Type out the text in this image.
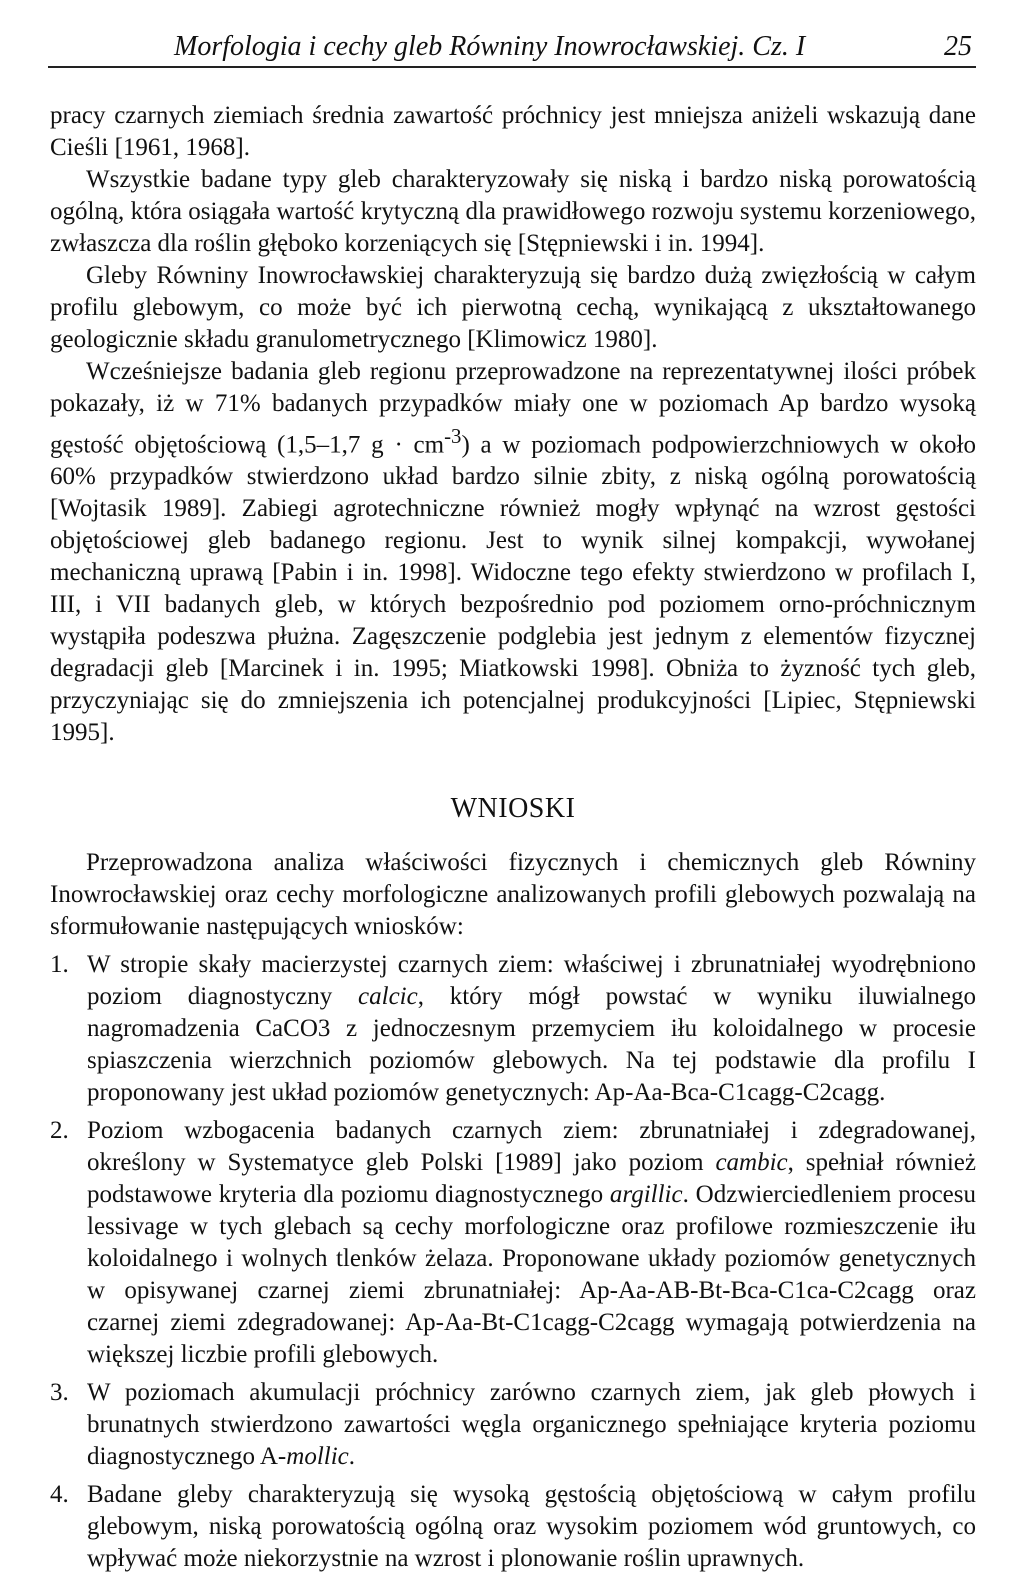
Morfologia i cechy gleb Równiny Inowrocławskiej. Cz. I	25

pracy czarnych ziemiach średnia zawartość próchnicy jest mniejsza aniżeli wskazują dane Cieśli [1961, 1968].

Wszystkie badane typy gleb charakteryzowały się niską i bardzo niską porowatością ogólną, która osiągała wartość krytyczną dla prawidłowego rozwoju systemu korzeniowego, zwłaszcza dla roślin głęboko korzeniących się [Stępniewski i in. 1994].

Gleby Równiny Inowrocławskiej charakteryzują się bardzo dużą zwięzłością w całym profilu glebowym, co może być ich pierwotną cechą, wynikającą z ukształtowanego geologicznie składu granulometrycznego [Klimowicz 1980].

Wcześniejsze badania gleb regionu przeprowadzone na reprezentatywnej ilości próbek pokazały, iż w 71% badanych przypadków miały one w poziomach Ap bardzo wysoką gęstość objętościową (1,5–1,7 $g \cdot cm^{-3}$) a w poziomach podpowierzchniowych w około 60% przypadków stwierdzono układ bardzo silnie zbity, z niską ogólną porowatością [Wojtasik 1989]. Zabiegi agrotechniczne również mogły wpłynąć na wzrost gęstości objętościowej gleb badanego regionu. Jest to wynik silnej kompakcji, wywołanej mechaniczną uprawą [Pabin i in. 1998]. Widoczne tego efekty stwierdzono w profilach I, III, i VII badanych gleb, w których bezpośrednio pod poziomem orno-próchnicznym wystąpiła podeszwa płużna. Zagęszczenie podglebia jest jednym z elementów fizycznej degradacji gleb [Marcinek i in. 1995; Miatkowski 1998]. Obniża to żyzność tych gleb, przyczyniając się do zmniejszenia ich potencjalnej produkcyjności [Lipiec, Stępniewski 1995].

WNIOSKI

Przeprowadzona analiza właściwości fizycznych i chemicznych gleb Równiny Inowrocławskiej oraz cechy morfologiczne analizowanych profili glebowych pozwalają na sformułowanie następujących wniosków:

1. W stropie skały macierzystej czarnych ziem: właściwej i zbrunatniałej wyodrębniono poziom diagnostyczny calcic, który mógł powstać w wyniku iluwialnego nagromadzenia CaCO3 z jednoczesnym przemyciem iłu koloidalnego w procesie spiaszczenia wierzchnich poziomów glebowych. Na tej podstawie dla profilu I proponowany jest układ poziomów genetycznych: Ap-Aa-Bca-C1cagg-C2cagg.
2. Poziom wzbogacenia badanych czarnych ziem: zbrunatniałej i zdegradowanej, określony w Systematyce gleb Polski [1989] jako poziom cambic, spełniał również podstawowe kryteria dla poziomu diagnostycznego argillic. Odzwierciedleniem procesu lessivage w tych glebach są cechy morfologiczne oraz profilowe rozmieszczenie iłu koloidalnego i wolnych tlenków żelaza. Proponowane układy poziomów genetycznych w opisywanej czarnej ziemi zbrunatniałej: Ap-Aa-AB-Bt-Bca-C1ca-C2cagg oraz czarnej ziemi zdegradowanej: Ap-Aa-Bt-C1cagg-C2cagg wymagają potwierdzenia na większej liczbie profili glebowych.
3. W poziomach akumulacji próchnicy zarówno czarnych ziem, jak gleb płowych i brunatnych stwierdzono zawartości węgla organicznego spełniające kryteria poziomu diagnostycznego A-mollic.
4. Badane gleby charakteryzują się wysoką gęstością objętościową w całym profilu glebowym, niską porowatością ogólną oraz wysokim poziomem wód gruntowych, co wpływać może niekorzystnie na wzrost i plonowanie roślin uprawnych.
